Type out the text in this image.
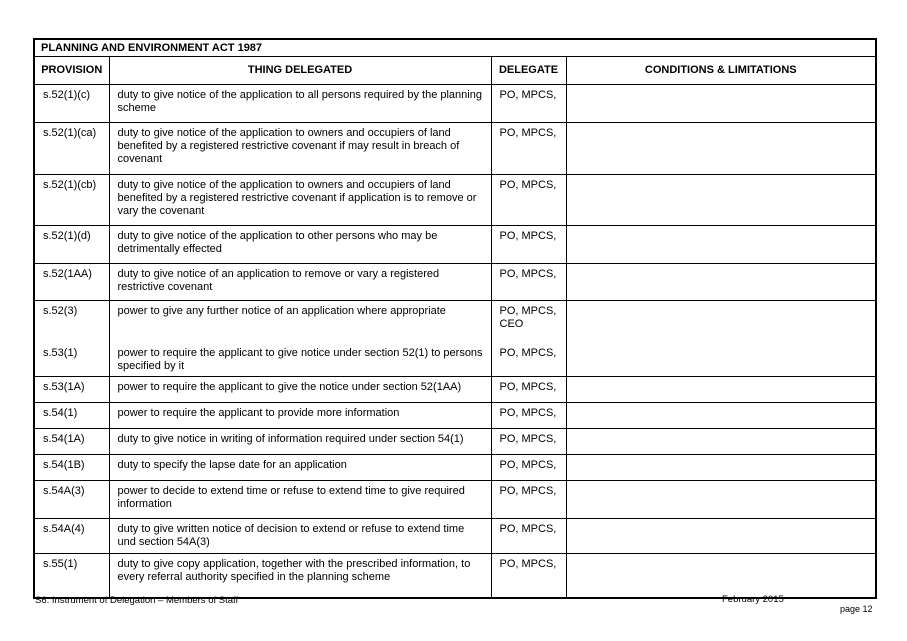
PLANNING AND ENVIRONMENT ACT 1987			
PROVISION	THING DELEGATED	DELEGATE	CONDITIONS & LIMITATIONS
s.52(1)(c)	duty to give notice of the application to all persons required by the planning scheme	PO, MPCS,	
s.52(1)(ca)	duty to give notice of the application to owners and occupiers of land benefited by a registered restrictive covenant if may result in breach of covenant	PO, MPCS,	
s.52(1)(cb)	duty to give notice of the application to owners and occupiers of land benefited by a registered restrictive covenant if application is to remove or vary the covenant	PO, MPCS,	
s.52(1)(d)	duty to give notice of the application to other persons who may be detrimentally effected	PO, MPCS,	
s.52(1AA)	duty to give notice of an application to remove or vary a registered restrictive covenant	PO, MPCS,	
s.52(3)	power to give any further notice of an application where appropriate	PO, MPCS, CEO	
s.53(1)	power to require the applicant to give notice under section 52(1) to persons specified by it	PO, MPCS,	
s.53(1A)	power to require the applicant to give the notice under section 52(1AA)	PO, MPCS,	
s.54(1)	power to require the applicant to provide more information	PO, MPCS,	
s.54(1A)	duty to give notice in writing of information required under section 54(1)	PO, MPCS,	
s.54(1B)	duty to specify the lapse date for an application	PO, MPCS,	
s.54A(3)	power to decide to extend time or refuse to extend time to give required information	PO, MPCS,	
s.54A(4)	duty to give written notice of decision to extend or refuse to extend time und section 54A(3)	PO, MPCS,	
s.55(1)	duty to give copy application, together with the prescribed information, to every referral authority specified in the planning scheme	PO, MPCS,	
S6. Instrument of Delegation – Members of Staff	February 2015
page 12
